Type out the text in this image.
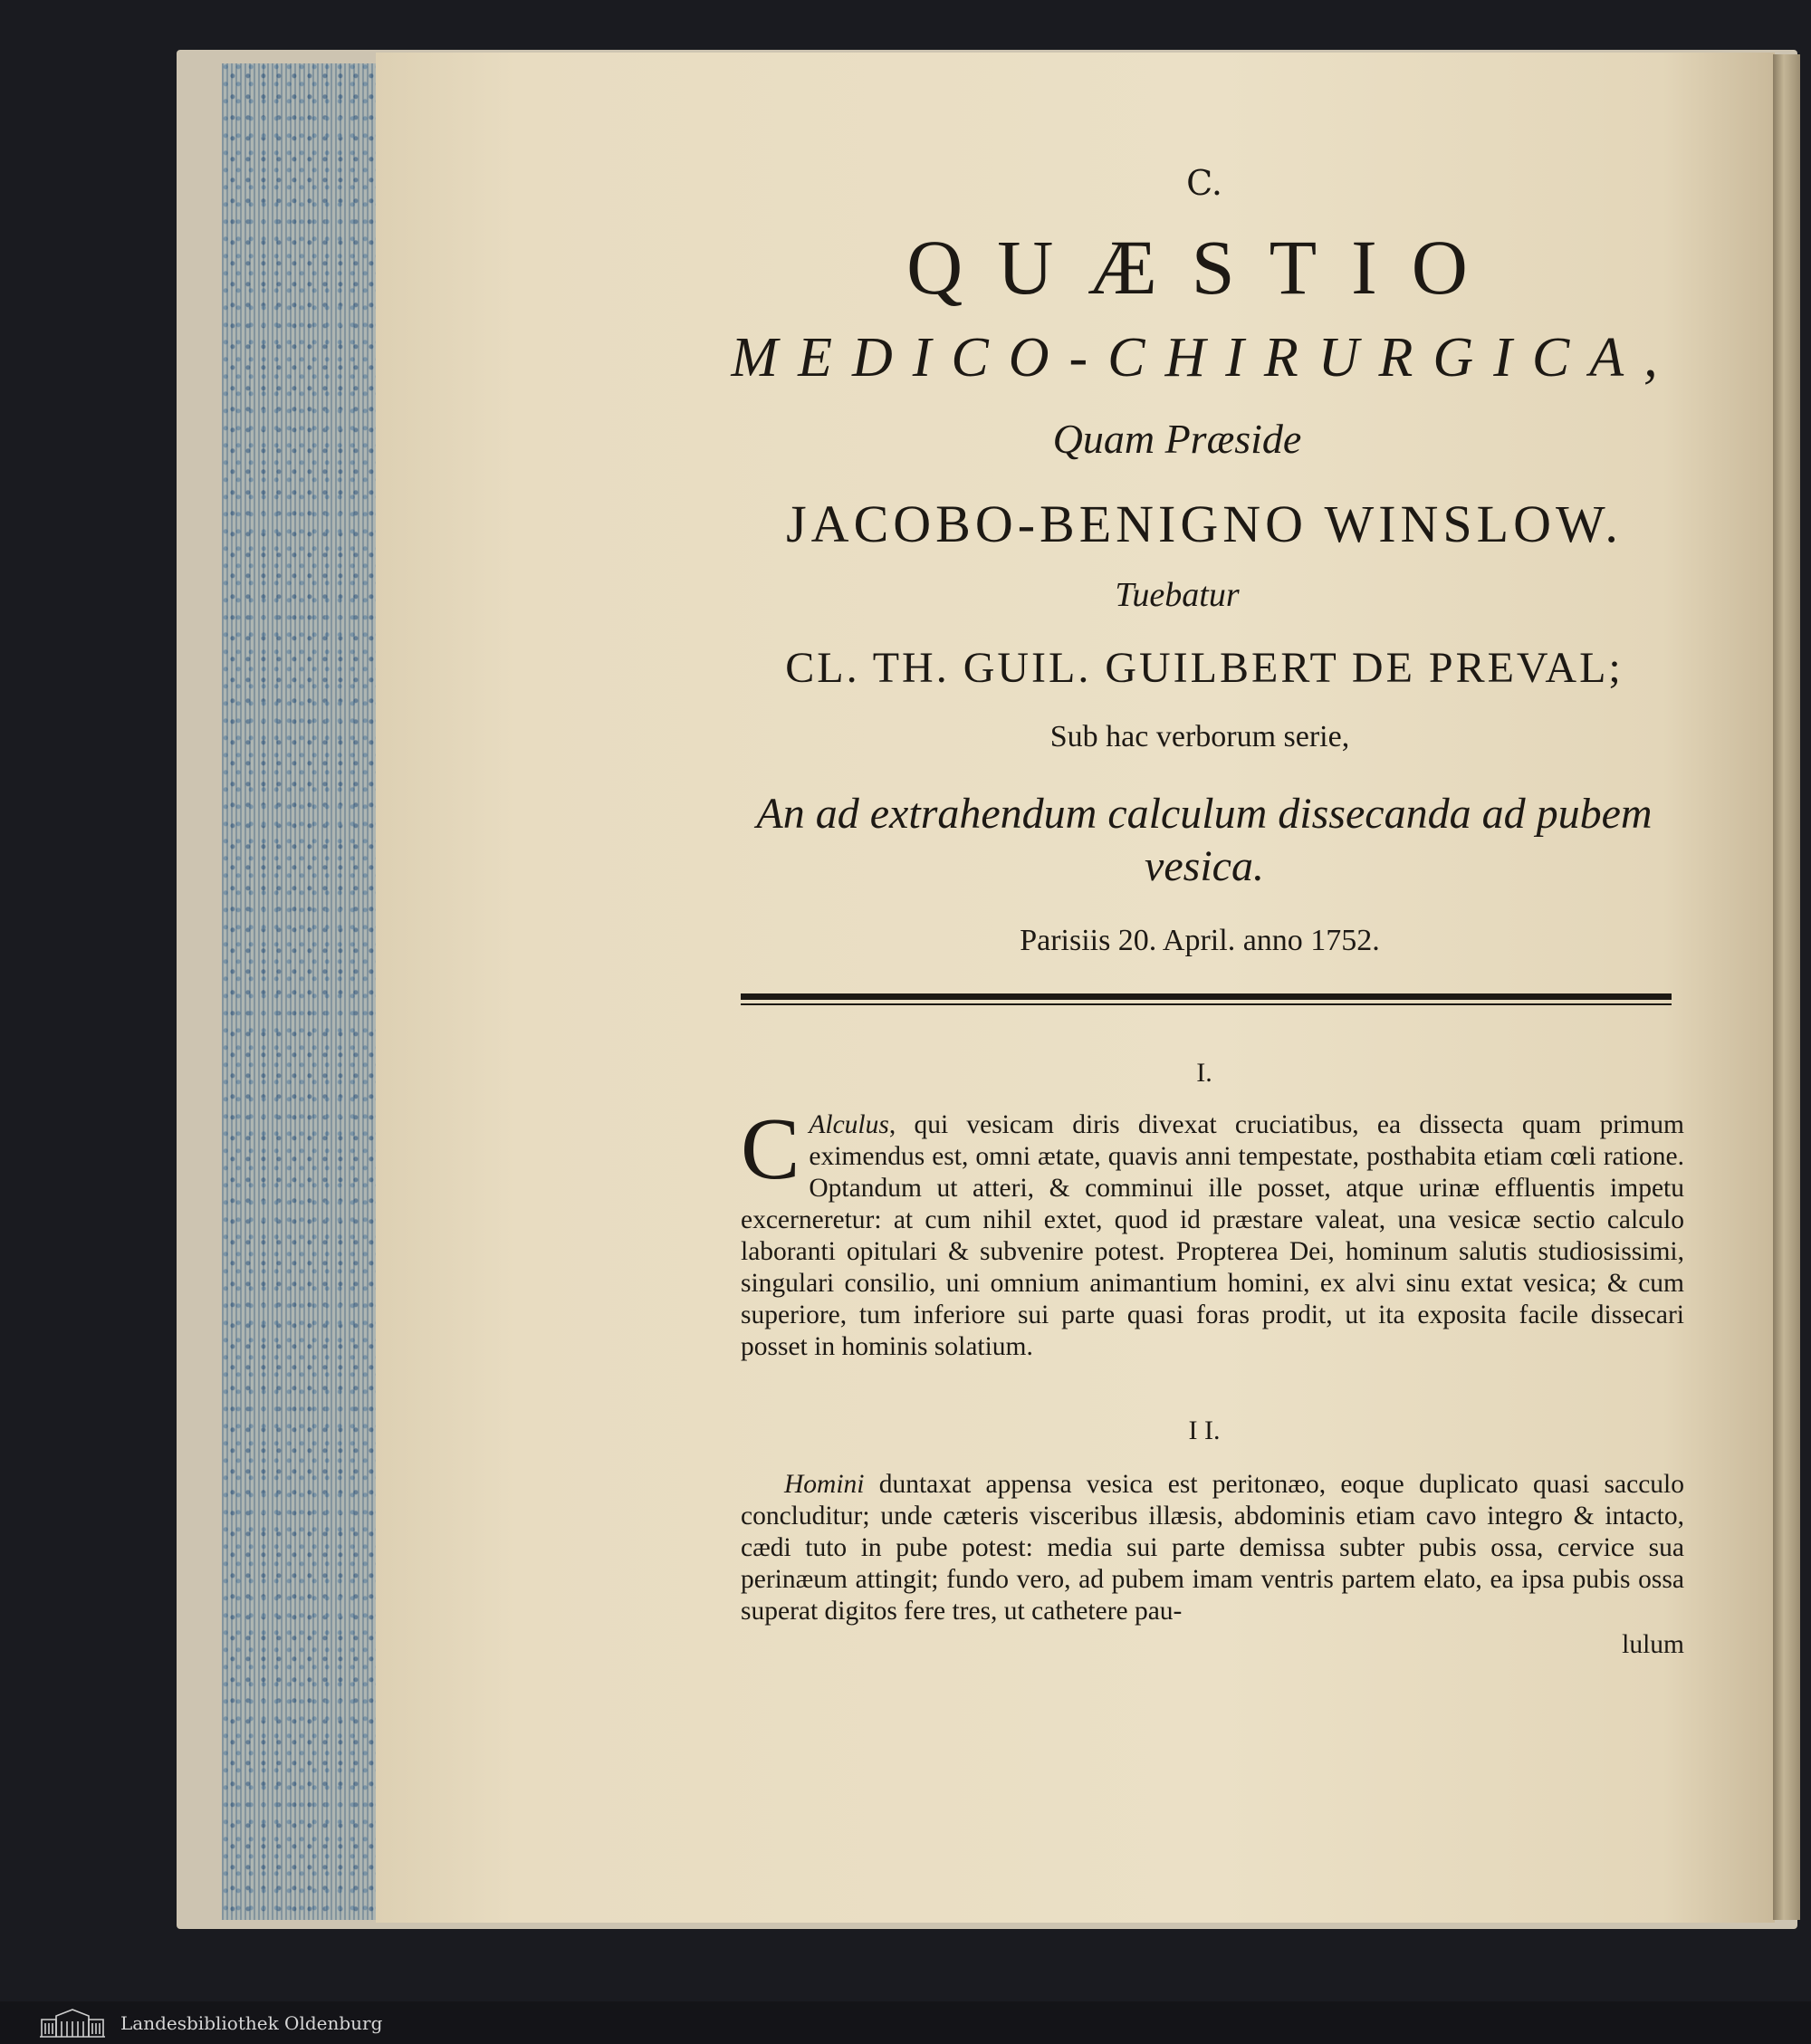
C.
QUÆSTIO
MEDICO-CHIRURGICA,
Quam Præside
JACOBO-BENIGNO WINSLOW.
Tuebatur
CL. TH. GUIL. GUILBERT DE PREVAL;
Sub hac verborum serie,
An ad extrahendum calculum dissecanda ad pubem vesica.
Parisiis 20. April. anno 1752.
I.
C Alculus, qui vesicam diris divexat cruciatibus, ea dissecta quam primum eximendus est, omni ætate, quavis anni tempestate, posthabita etiam cœli ratione. Optandum ut atteri, & comminui ille posset, atque urinæ effluentis impetu excerneretur: at cum nihil extet, quod id præstare valeat, una vesicæ sectio calculo laboranti opitulari & subvenire potest. Propterea Dei, hominum salutis studiosissimi, singulari consilio, uni omnium animantium homini, ex alvi sinu extat vesica; & cum superiore, tum inferiore sui parte quasi foras prodit, ut ita exposita facile dissecari posset in hominis solatium.
I I.
Homini duntaxat appensa vesica est peritonæo, eoque duplicato quasi sacculo concluditur; unde cæteris visceribus illæsis, abdominis etiam cavo integro & intacto, cædi tuto in pube potest: media sui parte demissa subter pubis ossa, cervice sua perinæum attingit; fundo vero, ad pubem imam ventris partem elato, ea ipsa pubis ossa superat digitos fere tres, ut cathetere pau-
lulum
Landesbibliothek Oldenburg
